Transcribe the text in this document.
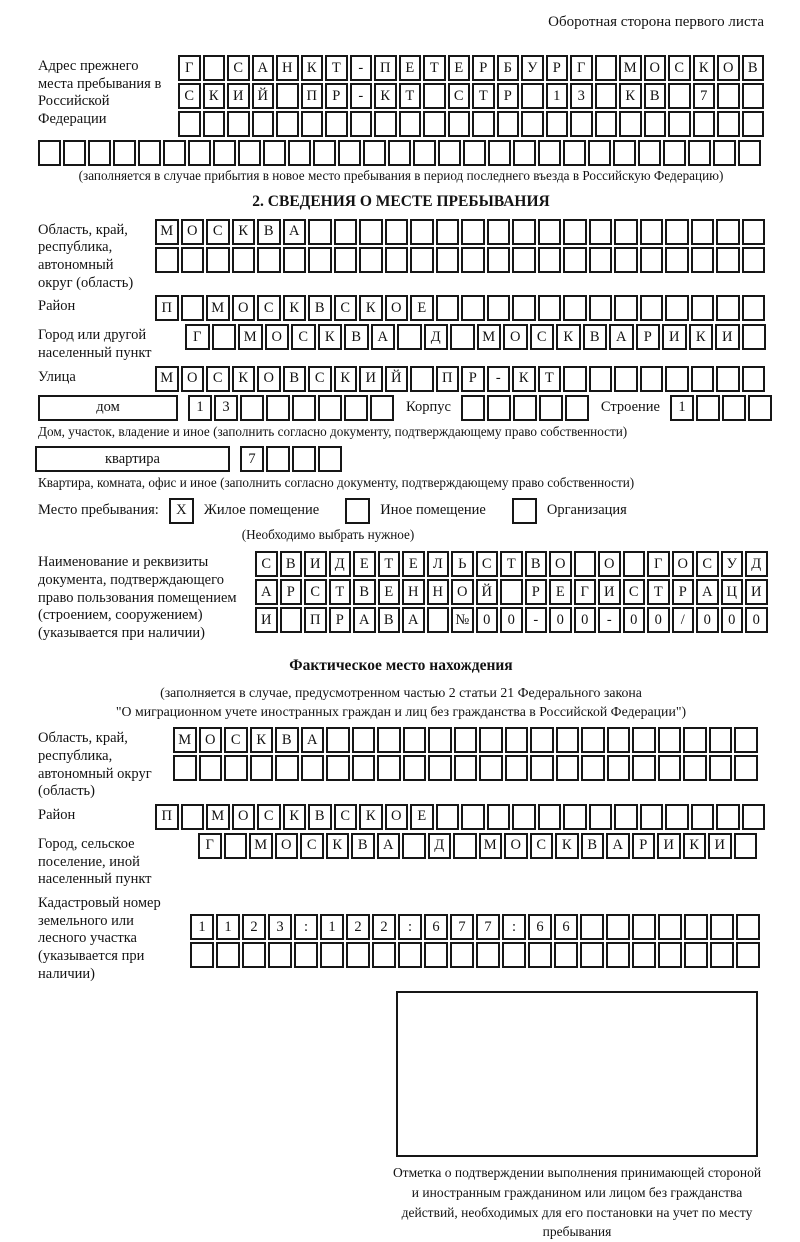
Оборотная сторона первого листа
Адрес прежнего места пребывания в Российской Федерации
Г	С А Н К	Т	-	П	Е	Т	Е	Р	Б	У	Р	Г	М О С	К О В
С	К И Й	П	Р	-	К	Т	С	Т	Р	1	3	К	В	7
(заполняется в случае прибытия в новое место пребывания в период последнего въезда в Российскую Федерацию)
2. СВЕДЕНИЯ О МЕСТЕ ПРЕБЫВАНИЯ
Область, край, республика, автономный округ (область)
М О	С	К	В	А
Район	П	М О	С	К	В	С	К	О	Е
Город или другой населенный пункт
Г	М	О	С	К	В	А	Д	М	О	С	К	В	А	Р	И	К	И
Улица	М О	С	К	О	В	С	К	И	Й	П	Р	-	К	Т
дом	1	3	Корпус	Строение	1
Дом, участок, владение и иное (заполнить согласно документу, подтверждающему право собственности)
квартира	7
Квартира, комната, офис и иное (заполнить согласно документу, подтверждающему право собственности)
Место пребывания:	X	Жилое помещение	Иное помещение	Организация
(Необходимо выбрать нужное)
Наименование и реквизиты документа, подтверждающего право пользования помещением (строением, сооружением) (указывается при наличии)
С	В И Д	Е	Т	Е	Л	Ь	С	Т	В О	О	Г	О С	У Д
А	Р	С	Т	В	Е	Н Н О Й	Р	Е	Г	И С	Т	Р	А Ц И
И	П	Р	А В А	№ 0	0	-	0	0	-	0	0	/	0	0	0
Фактическое место нахождения
(заполняется в случае, предусмотренном частью 2 статьи 21 Федерального закона
"О миграционном учете иностранных граждан и лиц без гражданства в Российской Федерации")
Область, край, республика, автономный округ (область)
М О	С	К	В	А
Район	П	М О	С	К	В	С	К	О	Е
Город, сельское поселение, иной населенный пункт
Г	М О	С	К	В	А	Д	М О	С	К	В	А	Р	И	К	И
Кадастровый номер земельного или лесного участка (указывается при наличии)
1	1	2	3	:	1	2	2	:	6	7	7	:	6	6
Отметка о подтверждении выполнения принимающей стороной и иностранным гражданином или лицом без гражданства действий, необходимых для его постановки на учет по месту пребывания
